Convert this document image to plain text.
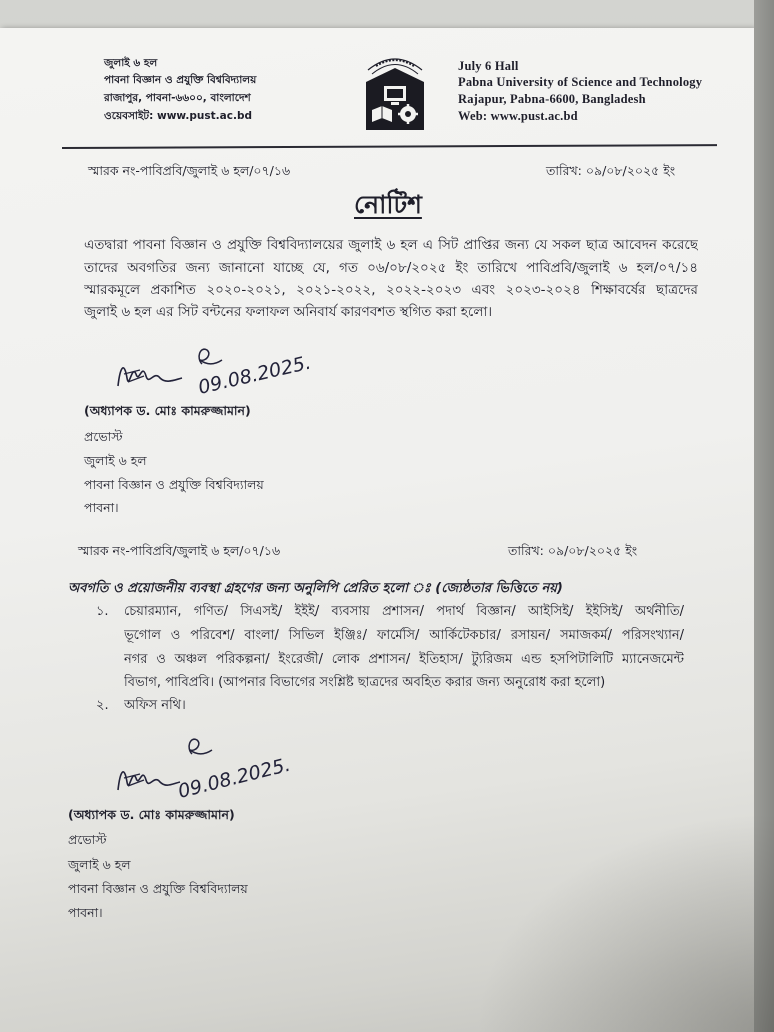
জুলাই ৬ হল
পাবনা বিজ্ঞান ও প্রযুক্তি বিশ্ববিদ্যালয়
রাজাপুর, পাবনা-৬৬০০, বাংলাদেশ
ওয়েবসাইট: www.pust.ac.bd
July 6 Hall
Pabna University of Science and Technology
Rajapur, Pabna-6600, Bangladesh
Web: www.pust.ac.bd
স্মারক নং-পাবিপ্রবি/জুলাই ৬ হল/০৭/১৬	তারিখ: ০৯/০৮/২০২৫ ইং
নোটিশ
এতদ্বারা পাবনা বিজ্ঞান ও প্রযুক্তি বিশ্ববিদ্যালয়ের জুলাই ৬ হল এ সিট প্রাপ্তির জন্য যে সকল ছাত্র আবেদন করেছে
তাদের অবগতির জন্য জানানো যাচ্ছে যে, গত ০৬/০৮/২০২৫ ইং তারিখে পাবিপ্রবি/জুলাই ৬ হল/০৭/১৪
স্মারকমূলে প্রকাশিত ২০২০-২০২১, ২০২১-২০২২, ২০২২-২০২৩ এবং ২০২৩-২০২৪ শিক্ষাবর্ষের ছাত্রদের
জুলাই ৬ হল এর সিট বন্টনের ফলাফল অনিবার্য কারণবশত স্থগিত করা হলো।
09.08.2025.
(অধ্যাপক ড. মোঃ কামরুজ্জামান)
প্রভোস্ট
জুলাই ৬ হল
পাবনা বিজ্ঞান ও প্রযুক্তি বিশ্ববিদ্যালয়
পাবনা।
স্মারক নং-পাবিপ্রবি/জুলাই ৬ হল/০৭/১৬	তারিখ: ০৯/০৮/২০২৫ ইং
অবগতি ও প্রয়োজনীয় ব্যবস্থা গ্রহণের জন্য অনুলিপি প্রেরিত হলো ঃ (জ্যেষ্ঠতার ভিত্তিতে নয়)
১. চেয়ারম্যান, গণিত/ সিএসই/ ইইই/ ব্যবসায় প্রশাসন/ পদার্থ বিজ্ঞান/ আইসিই/ ইইসিই/ অর্থনীতি/
ভূগোল ও পরিবেশ/ বাংলা/ সিভিল ইঞ্জিঃ/ ফার্মেসি/ আর্কিটেকচার/ রসায়ন/ সমাজকর্ম/ পরিসংখ্যান/
নগর ও অঞ্চল পরিকল্পনা/ ইংরেজী/ লোক প্রশাসন/ ইতিহাস/ ট্যুরিজম এন্ড হসপিটালিটি ম্যানেজমেন্ট
বিভাগ, পাবিপ্রবি। (আপনার বিভাগের সংশ্লিষ্ট ছাত্রদের অবহিত করার জন্য অনুরোধ করা হলো)
২. অফিস নথি।
09.08.2025.
(অধ্যাপক ড. মোঃ কামরুজ্জামান)
প্রভোস্ট
জুলাই ৬ হল
পাবনা বিজ্ঞান ও প্রযুক্তি বিশ্ববিদ্যালয়
পাবনা।
